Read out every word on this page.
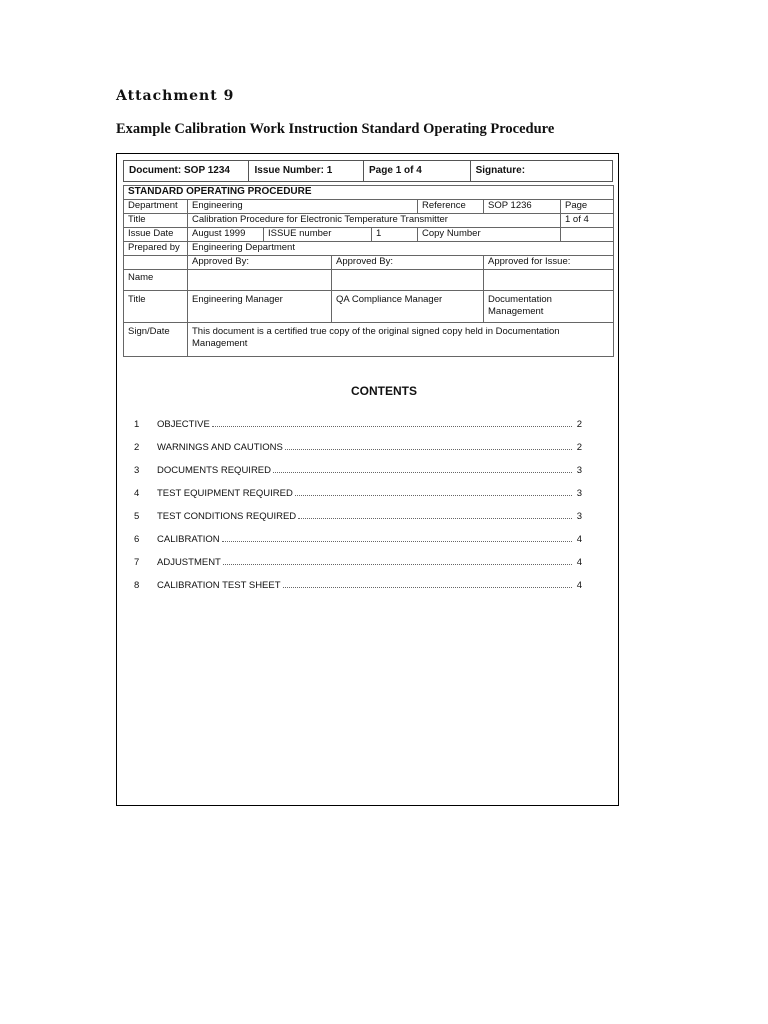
Attachment 9
Example Calibration Work Instruction Standard Operating Procedure
Document: SOP 1234	Issue Number: 1	Page 1 of 4	Signature:
STANDARD OPERATING PROCEDURE							
Department	Engineering				Reference	SOP 1236	Page
Title	Calibration Procedure for Electronic Temperature Transmitter						1 of 4
Issue Date	August 1999	ISSUE number		1	Copy Number		
Prepared by	Engineering Department						
	Approved By:		Approved By:			Approved for Issue:	
Name							
Title	Engineering Manager		QA Compliance Manager			Documentation Management	
Sign/Date	This document is a certified true copy of the original signed copy held in Documentation Management						
CONTENTS
1	OBJECTIVE	2
2	WARNINGS AND CAUTIONS	2
3	DOCUMENTS REQUIRED	3
4	TEST EQUIPMENT REQUIRED	3
5	TEST CONDITIONS REQUIRED	3
6	CALIBRATION	4
7	ADJUSTMENT	4
8	CALIBRATION TEST SHEET	4
